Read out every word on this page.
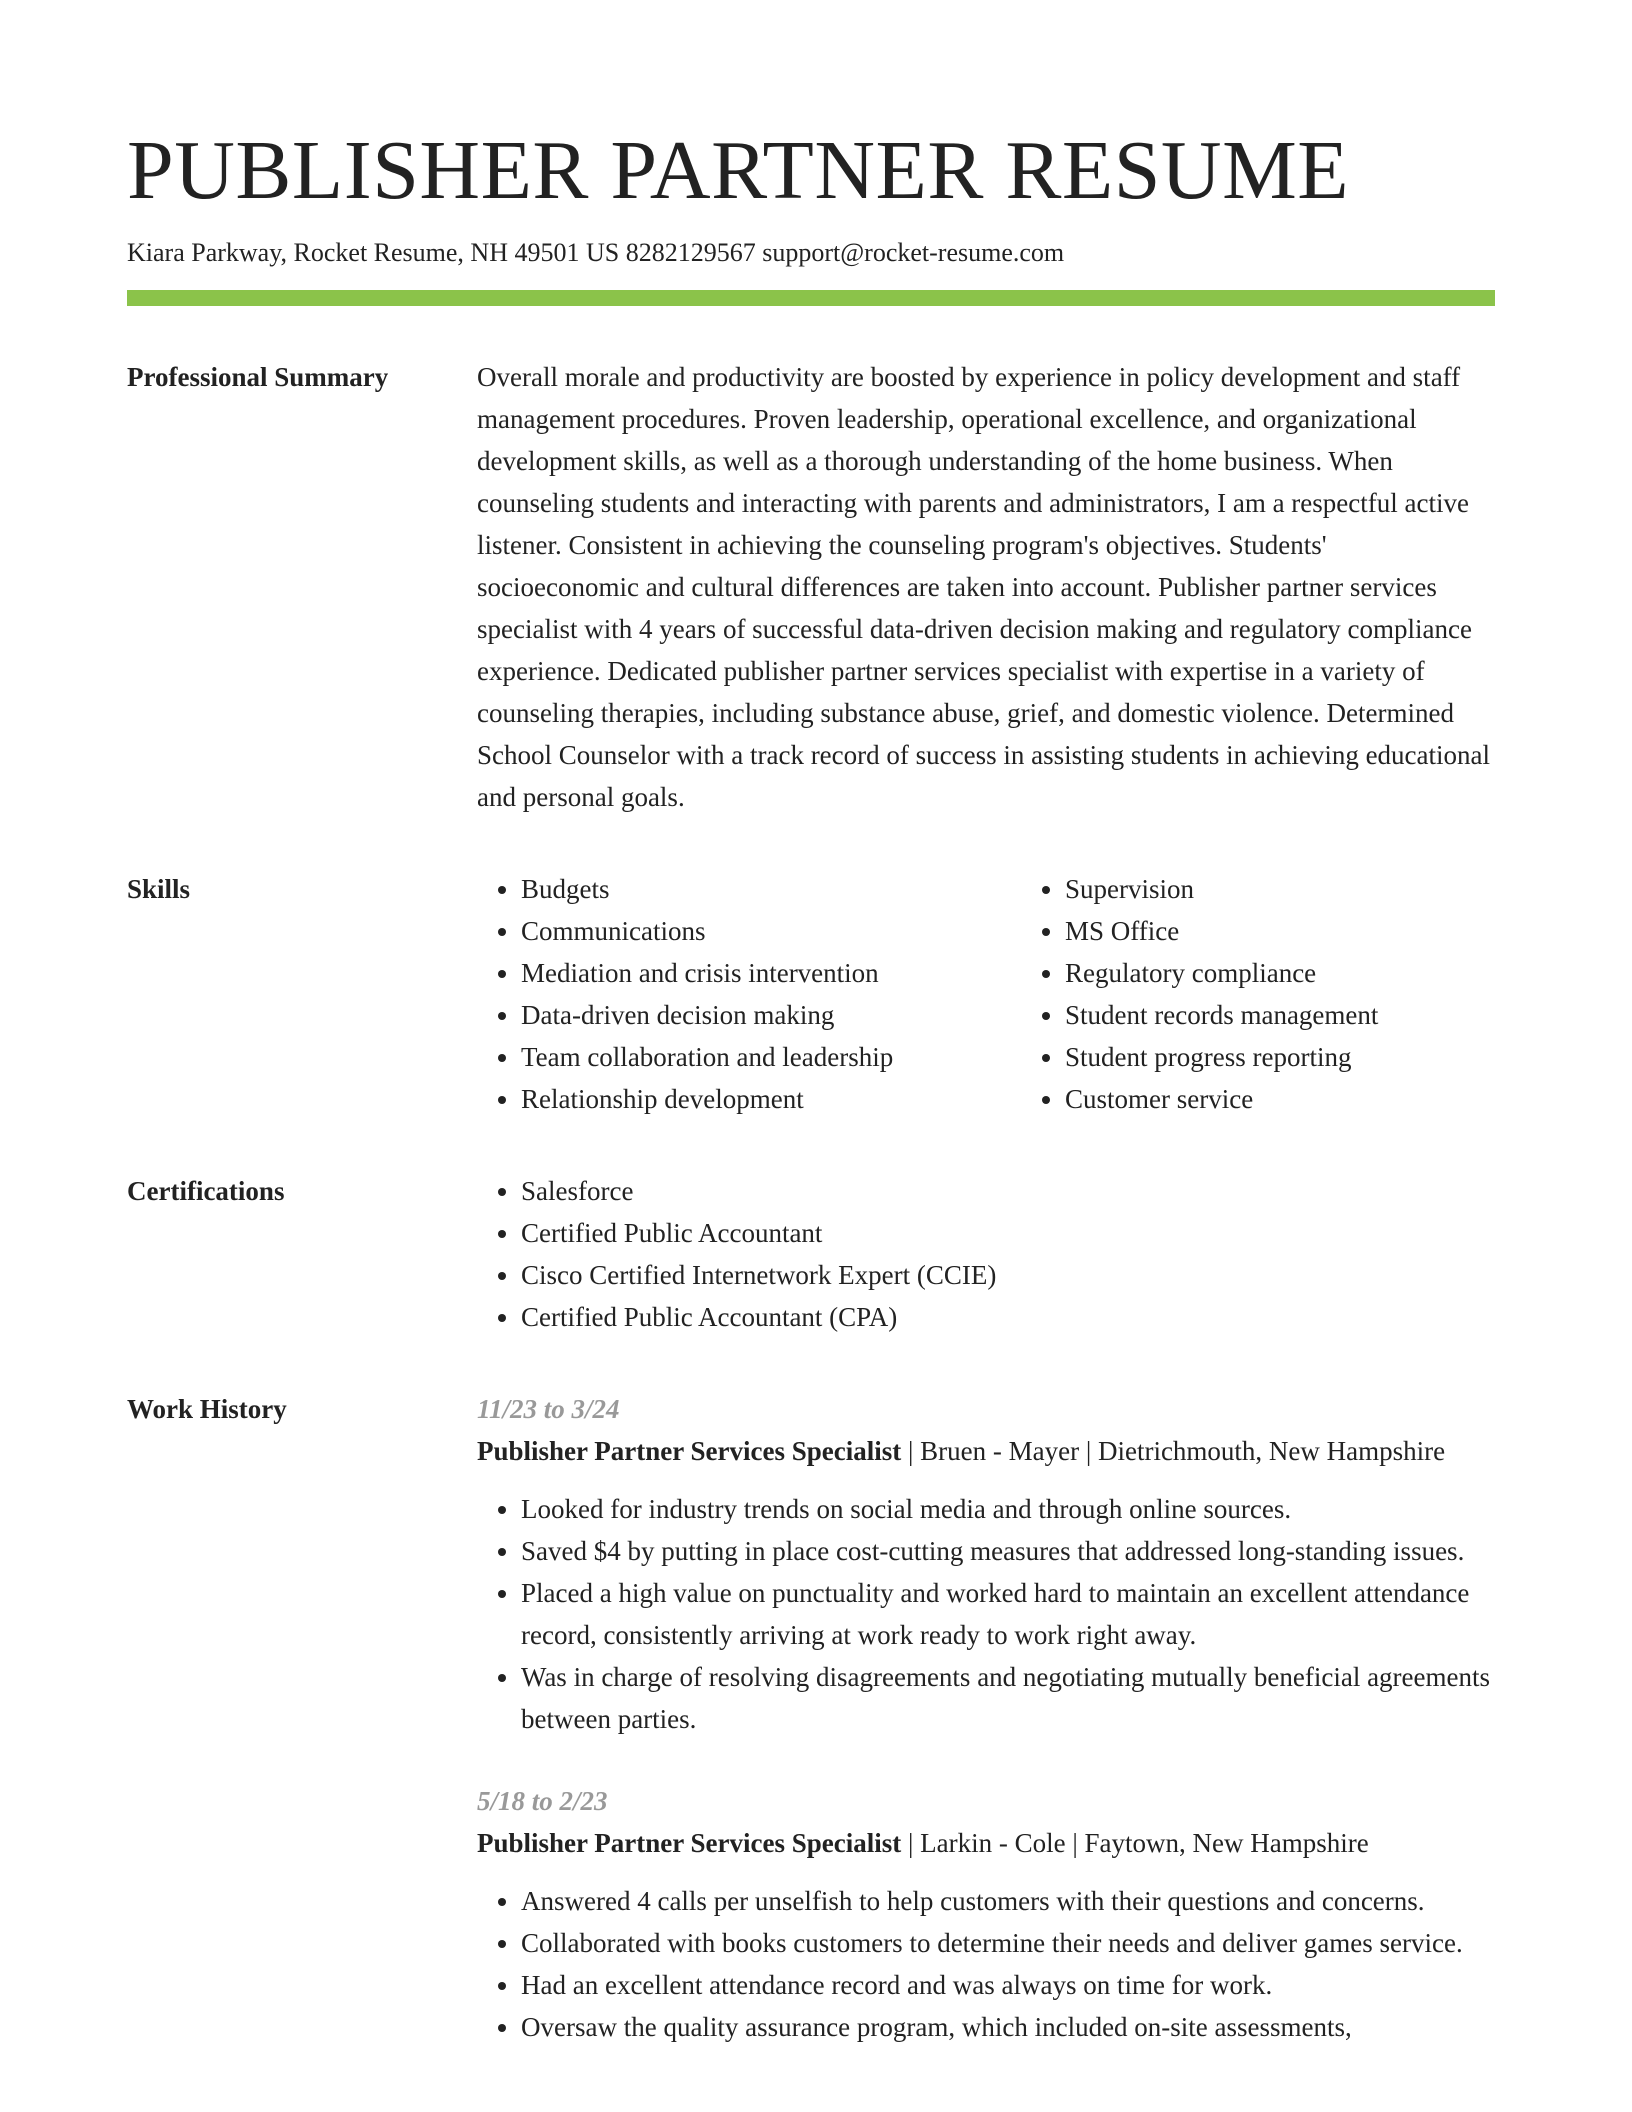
PUBLISHER PARTNER RESUME
Kiara Parkway, Rocket Resume, NH 49501 US 8282129567 support@rocket-resume.com
Professional Summary	Overall morale and productivity are boosted by experience in policy development and staff management procedures. Proven leadership, operational excellence, and organizational development skills, as well as a thorough understanding of the home business. When counseling students and interacting with parents and administrators, I am a respectful active listener. Consistent in achieving the counseling program's objectives. Students' socioeconomic and cultural differences are taken into account. Publisher partner services specialist with 4 years of successful data-driven decision making and regulatory compliance experience. Dedicated publisher partner services specialist with expertise in a variety of counseling therapies, including substance abuse, grief, and domestic violence. Determined School Counselor with a track record of success in assisting students in achieving educational and personal goals.

Skills	• Budgets
• Communications
• Mediation and crisis intervention
• Data-driven decision making
• Team collaboration and leadership
• Relationship development
• Supervision
• MS Office
• Regulatory compliance
• Student records management
• Student progress reporting
• Customer service
Certifications	• Salesforce
• Certified Public Accountant
• Cisco Certified Internetwork Expert (CCIE)
• Certified Public Accountant (CPA)
Work History	11/23 to 3/24
Publisher Partner Services Specialist | Bruen - Mayer | Dietrichmouth, New Hampshire
• Looked for industry trends on social media and through online sources.
• Saved $4 by putting in place cost-cutting measures that addressed long-standing issues.
• Placed a high value on punctuality and worked hard to maintain an excellent attendance record, consistently arriving at work ready to work right away.
• Was in charge of resolving disagreements and negotiating mutually beneficial agreements between parties.
5/18 to 2/23
Publisher Partner Services Specialist | Larkin - Cole | Faytown, New Hampshire
• Answered 4 calls per unselfish to help customers with their questions and concerns.
• Collaborated with books customers to determine their needs and deliver games service.
• Had an excellent attendance record and was always on time for work.
• Oversaw the quality assurance program, which included on-site assessments,
